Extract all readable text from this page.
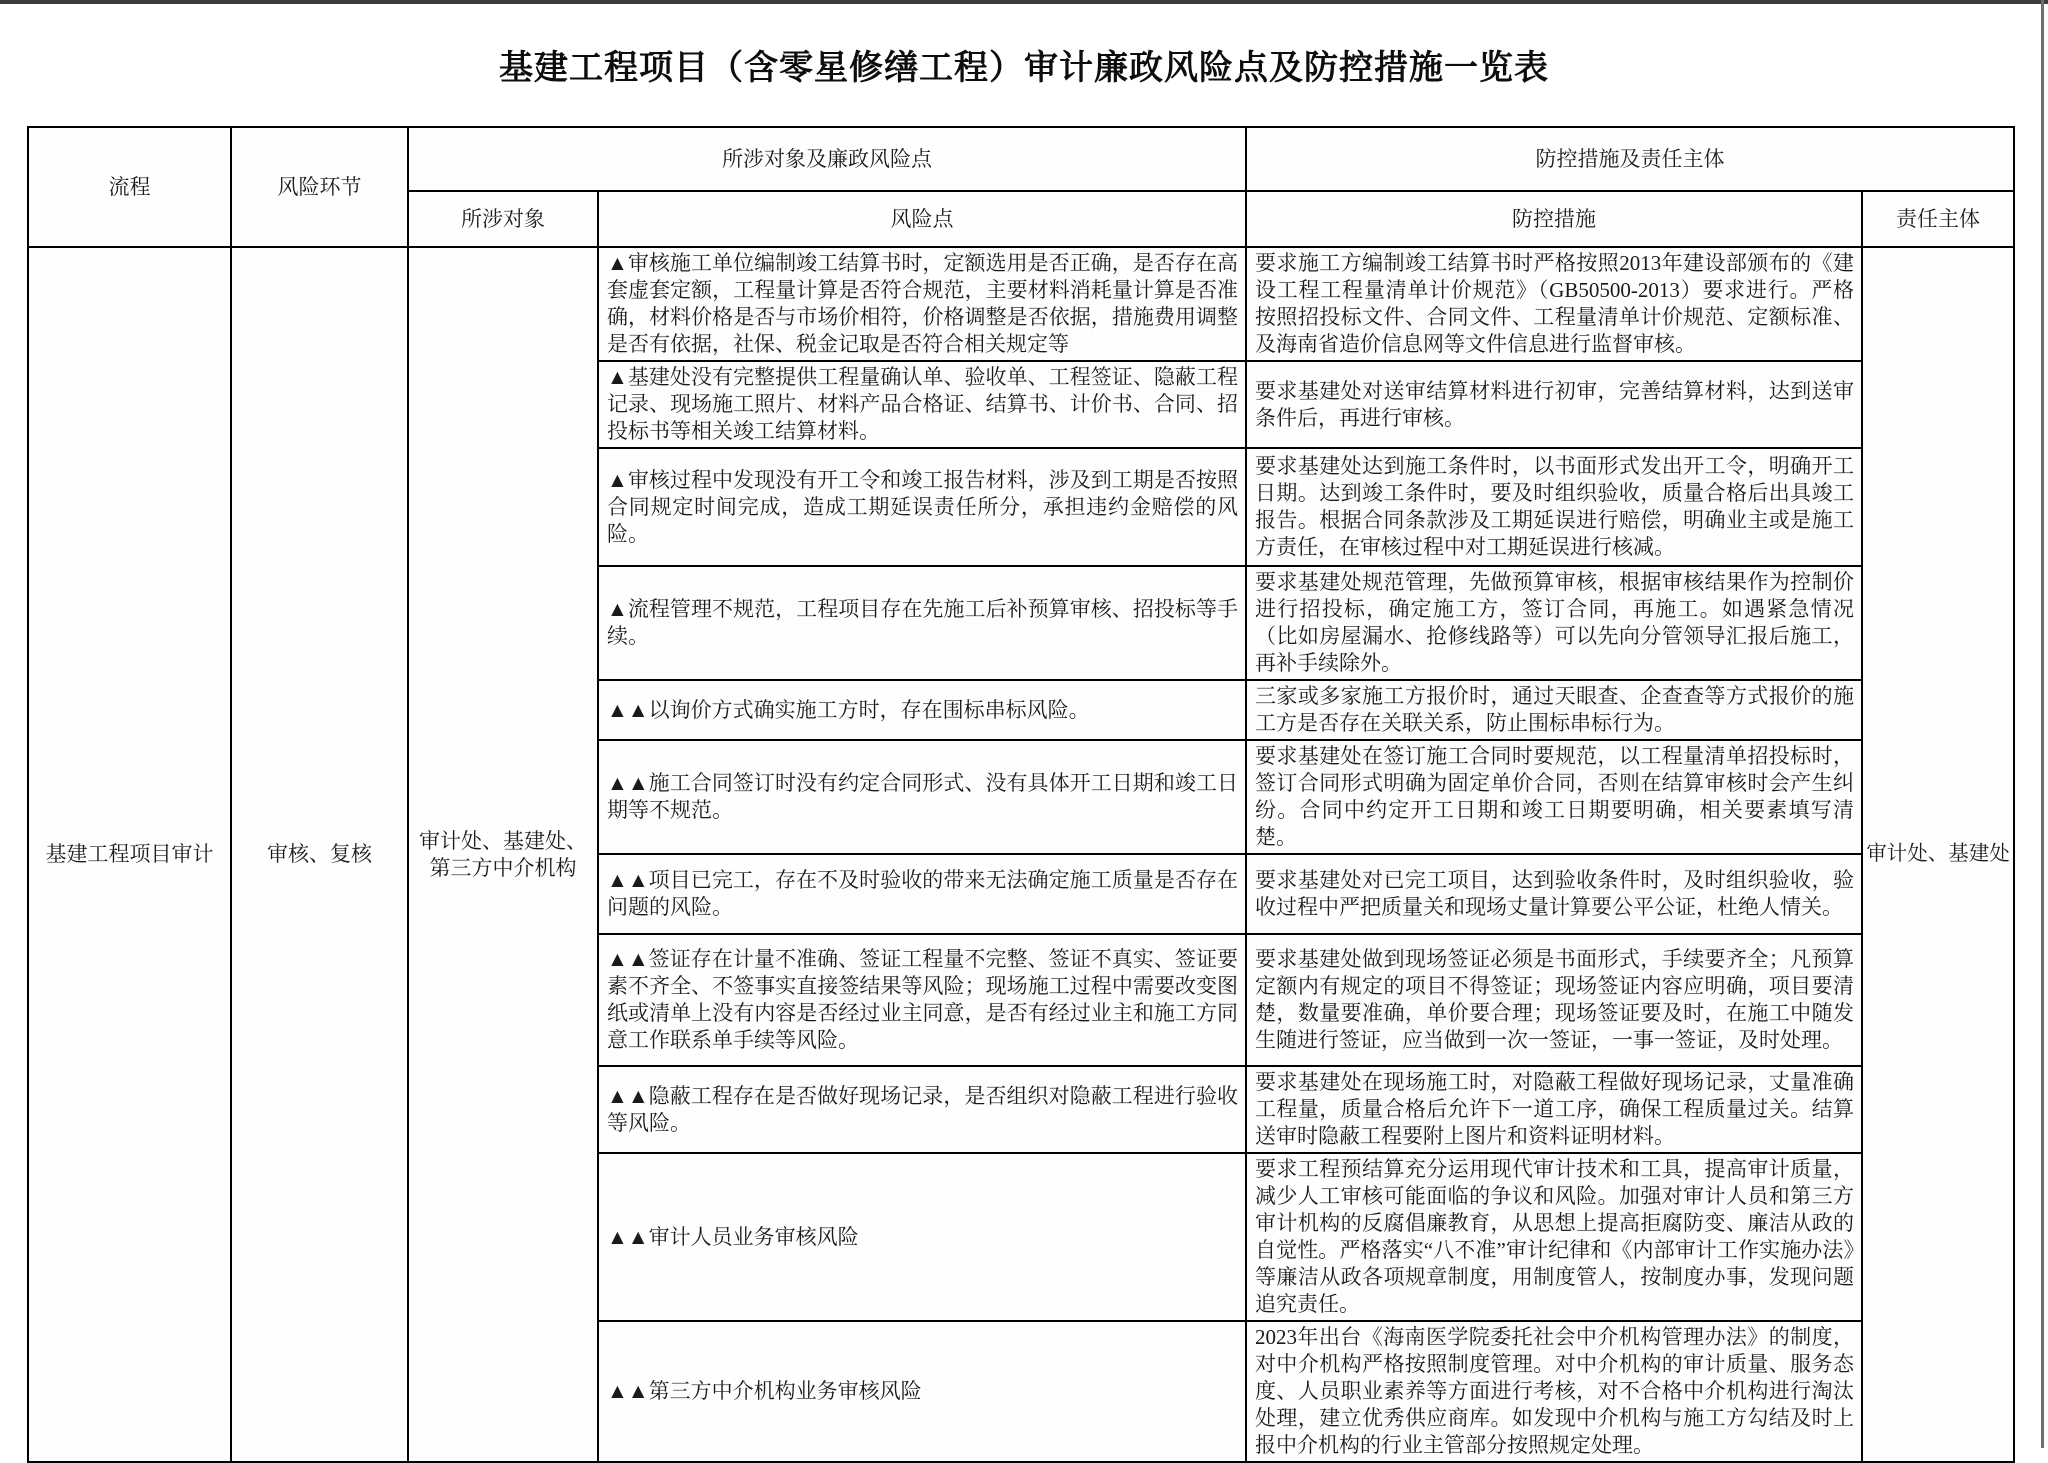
基建工程项目（含零星修缮工程）审计廉政风险点及防控措施一览表
流程	风险环节	所涉对象及廉政风险点		防控措施及责任主体	
		所涉对象	风险点	防控措施	责任主体
基建工程项目审计	审核、复核	审计处、基建处、第三方中介机构	▲审核施工单位编制竣工结算书时，定额选用是否正确，是否存在高套虚套定额，工程量计算是否符合规范，主要材料消耗量计算是否准确，材料价格是否与市场价相符，价格调整是否依据，措施费用调整是否有依据，社保、税金记取是否符合相关规定等	要求施工方编制竣工结算书时严格按照2013年建设部颁布的《建设工程工程量清单计价规范》（GB50500-2013）要求进行。严格按照招投标文件、合同文件、工程量清单计价规范、定额标准、及海南省造价信息网等文件信息进行监督审核。	审计处、基建处
			▲基建处没有完整提供工程量确认单、验收单、工程签证、隐蔽工程记录、现场施工照片、材料产品合格证、结算书、计价书、合同、招投标书等相关竣工结算材料。	要求基建处对送审结算材料进行初审，完善结算材料，达到送审条件后，再进行审核。	
			▲审核过程中发现没有开工令和竣工报告材料，涉及到工期是否按照合同规定时间完成，造成工期延误责任所分，承担违约金赔偿的风险。	要求基建处达到施工条件时，以书面形式发出开工令，明确开工日期。达到竣工条件时，要及时组织验收，质量合格后出具竣工报告。根据合同条款涉及工期延误进行赔偿，明确业主或是施工方责任，在审核过程中对工期延误进行核减。	
			▲流程管理不规范，工程项目存在先施工后补预算审核、招投标等手续。	要求基建处规范管理，先做预算审核，根据审核结果作为控制价进行招投标，确定施工方，签订合同，再施工。如遇紧急情况（比如房屋漏水、抢修线路等）可以先向分管领导汇报后施工，再补手续除外。	
			▲▲以询价方式确实施工方时，存在围标串标风险。	三家或多家施工方报价时，通过天眼查、企查查等方式报价的施工方是否存在关联关系，防止围标串标行为。	
			▲▲施工合同签订时没有约定合同形式、没有具体开工日期和竣工日期等不规范。	要求基建处在签订施工合同时要规范，以工程量清单招投标时，签订合同形式明确为固定单价合同，否则在结算审核时会产生纠纷。合同中约定开工日期和竣工日期要明确，相关要素填写清楚。	
			▲▲项目已完工，存在不及时验收的带来无法确定施工质量是否存在问题的风险。	要求基建处对已完工项目，达到验收条件时，及时组织验收，验收过程中严把质量关和现场丈量计算要公平公证，杜绝人情关。	
			▲▲签证存在计量不准确、签证工程量不完整、签证不真实、签证要素不齐全、不签事实直接签结果等风险；现场施工过程中需要改变图纸或清单上没有内容是否经过业主同意，是否有经过业主和施工方同意工作联系单手续等风险。	要求基建处做到现场签证必须是书面形式，手续要齐全；凡预算定额内有规定的项目不得签证；现场签证内容应明确，项目要清楚，数量要准确，单价要合理；现场签证要及时，在施工中随发生随进行签证，应当做到一次一签证，一事一签证，及时处理。	
			▲▲隐蔽工程存在是否做好现场记录，是否组织对隐蔽工程进行验收等风险。	要求基建处在现场施工时，对隐蔽工程做好现场记录，丈量准确工程量，质量合格后允许下一道工序，确保工程质量过关。结算送审时隐蔽工程要附上图片和资料证明材料。	
			▲▲审计人员业务审核风险	要求工程预结算充分运用现代审计技术和工具，提高审计质量，减少人工审核可能面临的争议和风险。加强对审计人员和第三方审计机构的反腐倡廉教育，从思想上提高拒腐防变、廉洁从政的自觉性。严格落实“八不准”审计纪律和《内部审计工作实施办法》等廉洁从政各项规章制度，用制度管人，按制度办事，发现问题追究责任。	
			▲▲第三方中介机构业务审核风险	2023年出台《海南医学院委托社会中介机构管理办法》的制度，对中介机构严格按照制度管理。对中介机构的审计质量、服务态度、人员职业素养等方面进行考核，对不合格中介机构进行淘汰处理，建立优秀供应商库。如发现中介机构与施工方勾结及时上报中介机构的行业主管部分按照规定处理。	
